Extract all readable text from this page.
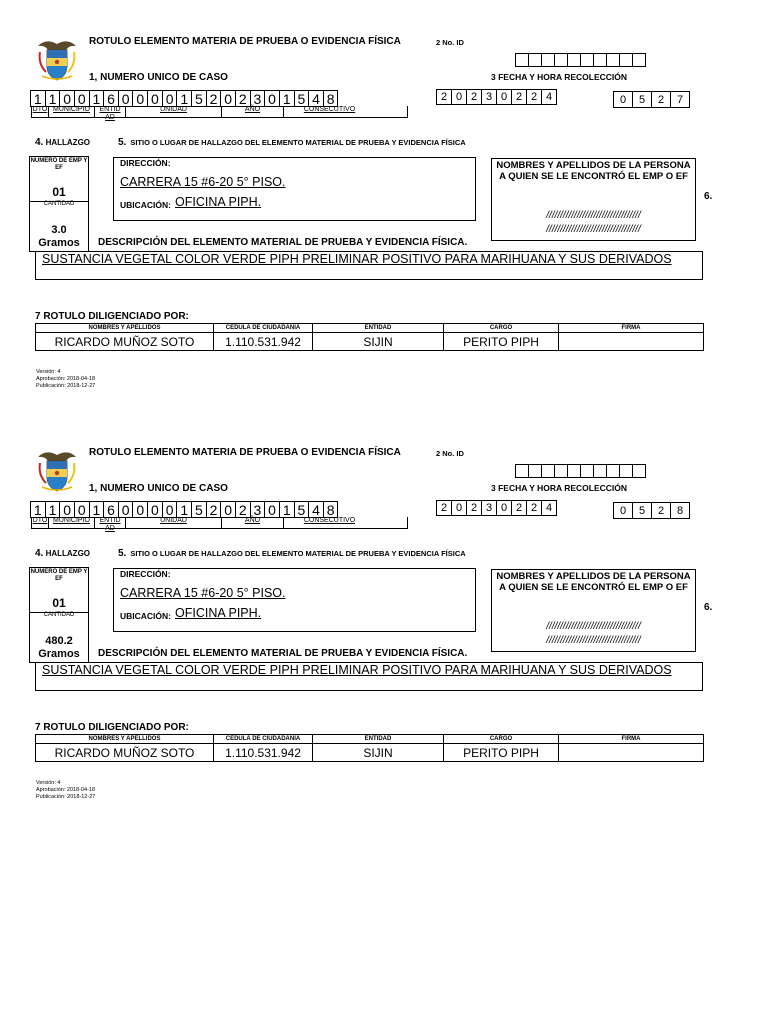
ROTULO ELEMENTO MATERIA DE PRUEBA O EVIDENCIA FÍSICA	2 No. ID
1, NUMERO UNICO DE CASO	3 FECHA Y HORA RECOLECCIÓN
1 1 0 0 1 6 0 0 0 0 1 5 2 0 2 3 0 1 5 4 8
DTO MUNICIPIO	ENTID AD
UNIDAD	AÑO	CONSECUTIVO
2 0 2 3 0 2 2 4	0	5	2	7
4. HALLAZGO	5. SITIO O LUGAR DE HALLAZGO DEL ELEMENTO MATERIAL DE PRUEBA Y EVIDENCIA FÍSICA
NUMERO DE EMP Y EF
01
CANTIDAD
3.0
Gramos
DIRECCIÓN:
CARRERA 15 #6-20 5° PISO.
UBICACIÓN: OFICINA PIPH.
NOMBRES Y APELLIDOS DE LA PERSONA A QUIEN SE LE ENCONTRÓ EL EMP O EF
//////////////////////////////////
//////////////////////////////////
6.
DESCRIPCIÓN DEL ELEMENTO MATERIAL DE PRUEBA Y EVIDENCIA FÍSICA.
SUSTANCIA VEGETAL COLOR VERDE PIPH PRELIMINAR POSITIVO PARA MARIHUANA Y SUS DERIVADOS
7 ROTULO DILIGENCIADO POR:
NOMBRES Y APELLIDOS	CEDULA DE CIUDADANIA	ENTIDAD	CARGO	FIRMA
RICARDO MUÑOZ SOTO	1.110.531.942	SIJIN	PERITO PIPH	
Versión: 4
Aprobación: 2018-04-18
Publicación: 2018-12-27
ROTULO ELEMENTO MATERIA DE PRUEBA O EVIDENCIA FÍSICA	2 No. ID
1, NUMERO UNICO DE CASO	3 FECHA Y HORA RECOLECCIÓN
1 1 0 0 1 6 0 0 0 0 1 5 2 0 2 3 0 1 5 4 8
DTO MUNICIPIO	ENTID AD
UNIDAD	AÑO	CONSECUTIVO
2 0 2 3 0 2 2 4	0	5	2	8
4. HALLAZGO	5. SITIO O LUGAR DE HALLAZGO DEL ELEMENTO MATERIAL DE PRUEBA Y EVIDENCIA FÍSICA
NUMERO DE EMP Y EF
01
CANTIDAD
480.2
Gramos
DIRECCIÓN:
CARRERA 15 #6-20 5° PISO.
UBICACIÓN: OFICINA PIPH.
NOMBRES Y APELLIDOS DE LA PERSONA A QUIEN SE LE ENCONTRÓ EL EMP O EF
//////////////////////////////////
//////////////////////////////////
6.
DESCRIPCIÓN DEL ELEMENTO MATERIAL DE PRUEBA Y EVIDENCIA FÍSICA.
SUSTANCIA VEGETAL COLOR VERDE PIPH PRELIMINAR POSITIVO PARA MARIHUANA Y SUS DERIVADOS
7 ROTULO DILIGENCIADO POR:
NOMBRES Y APELLIDOS	CEDULA DE CIUDADANIA	ENTIDAD	CARGO	FIRMA
RICARDO MUÑOZ SOTO	1.110.531.942	SIJIN	PERITO PIPH	
Versión: 4
Aprobación: 2018-04-18
Publicación: 2018-12-27
